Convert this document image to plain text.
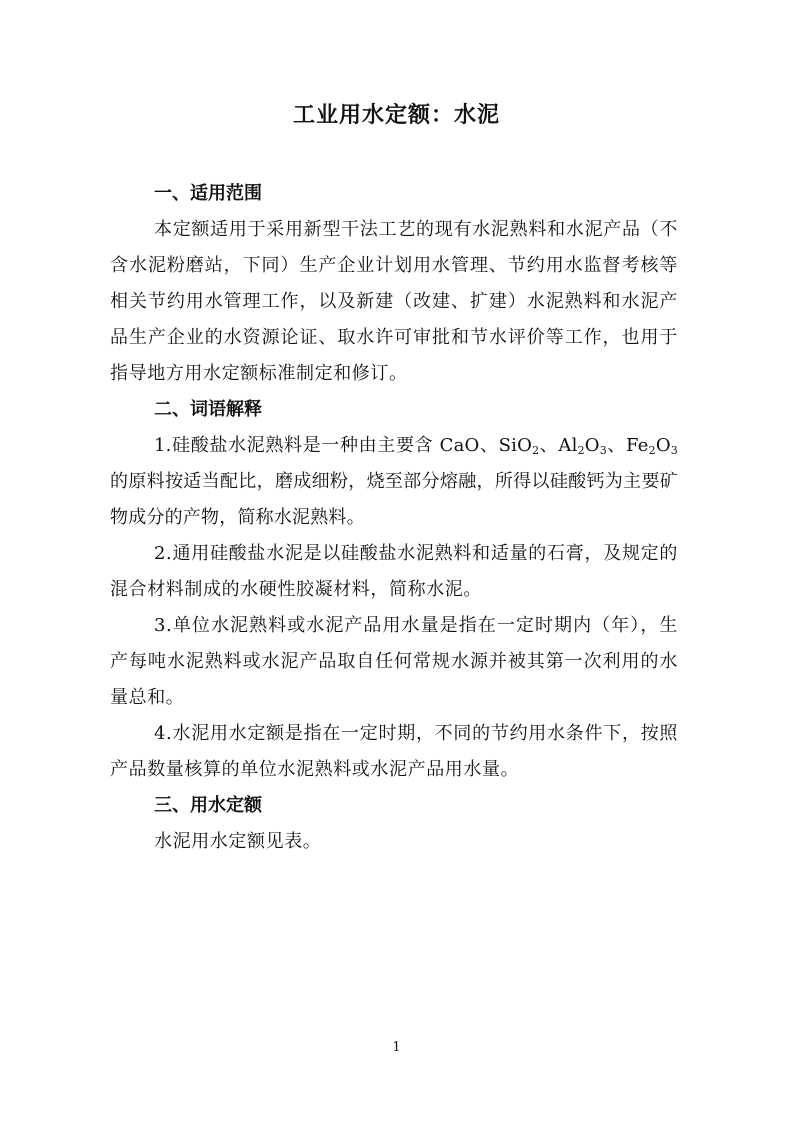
工业用水定额：水泥
一、适用范围

本定额适用于采用新型干法工艺的现有水泥熟料和水泥产品（不含水泥粉磨站，下同）生产企业计划用水管理、节约用水监督考核等相关节约用水管理工作，以及新建（改建、扩建）水泥熟料和水泥产品生产企业的水资源论证、取水许可审批和节水评价等工作，也用于指导地方用水定额标准制定和修订。

二、词语解释

1.硅酸盐水泥熟料是一种由主要含 CaO、SiO$_2$、$Al_2O_3$、$Fe_2O_3$的原料按适当配比，磨成细粉，烧至部分熔融，所得以硅酸钙为主要矿物成分的产物，简称水泥熟料。

2.通用硅酸盐水泥是以硅酸盐水泥熟料和适量的石膏，及规定的混合材料制成的水硬性胶凝材料，简称水泥。

3.单位水泥熟料或水泥产品用水量是指在一定时期内（年），生产每吨水泥熟料或水泥产品取自任何常规水源并被其第一次利用的水量总和。

4.水泥用水定额是指在一定时期，不同的节约用水条件下，按照产品数量核算的单位水泥熟料或水泥产品用水量。

三、用水定额

水泥用水定额见表。

1
